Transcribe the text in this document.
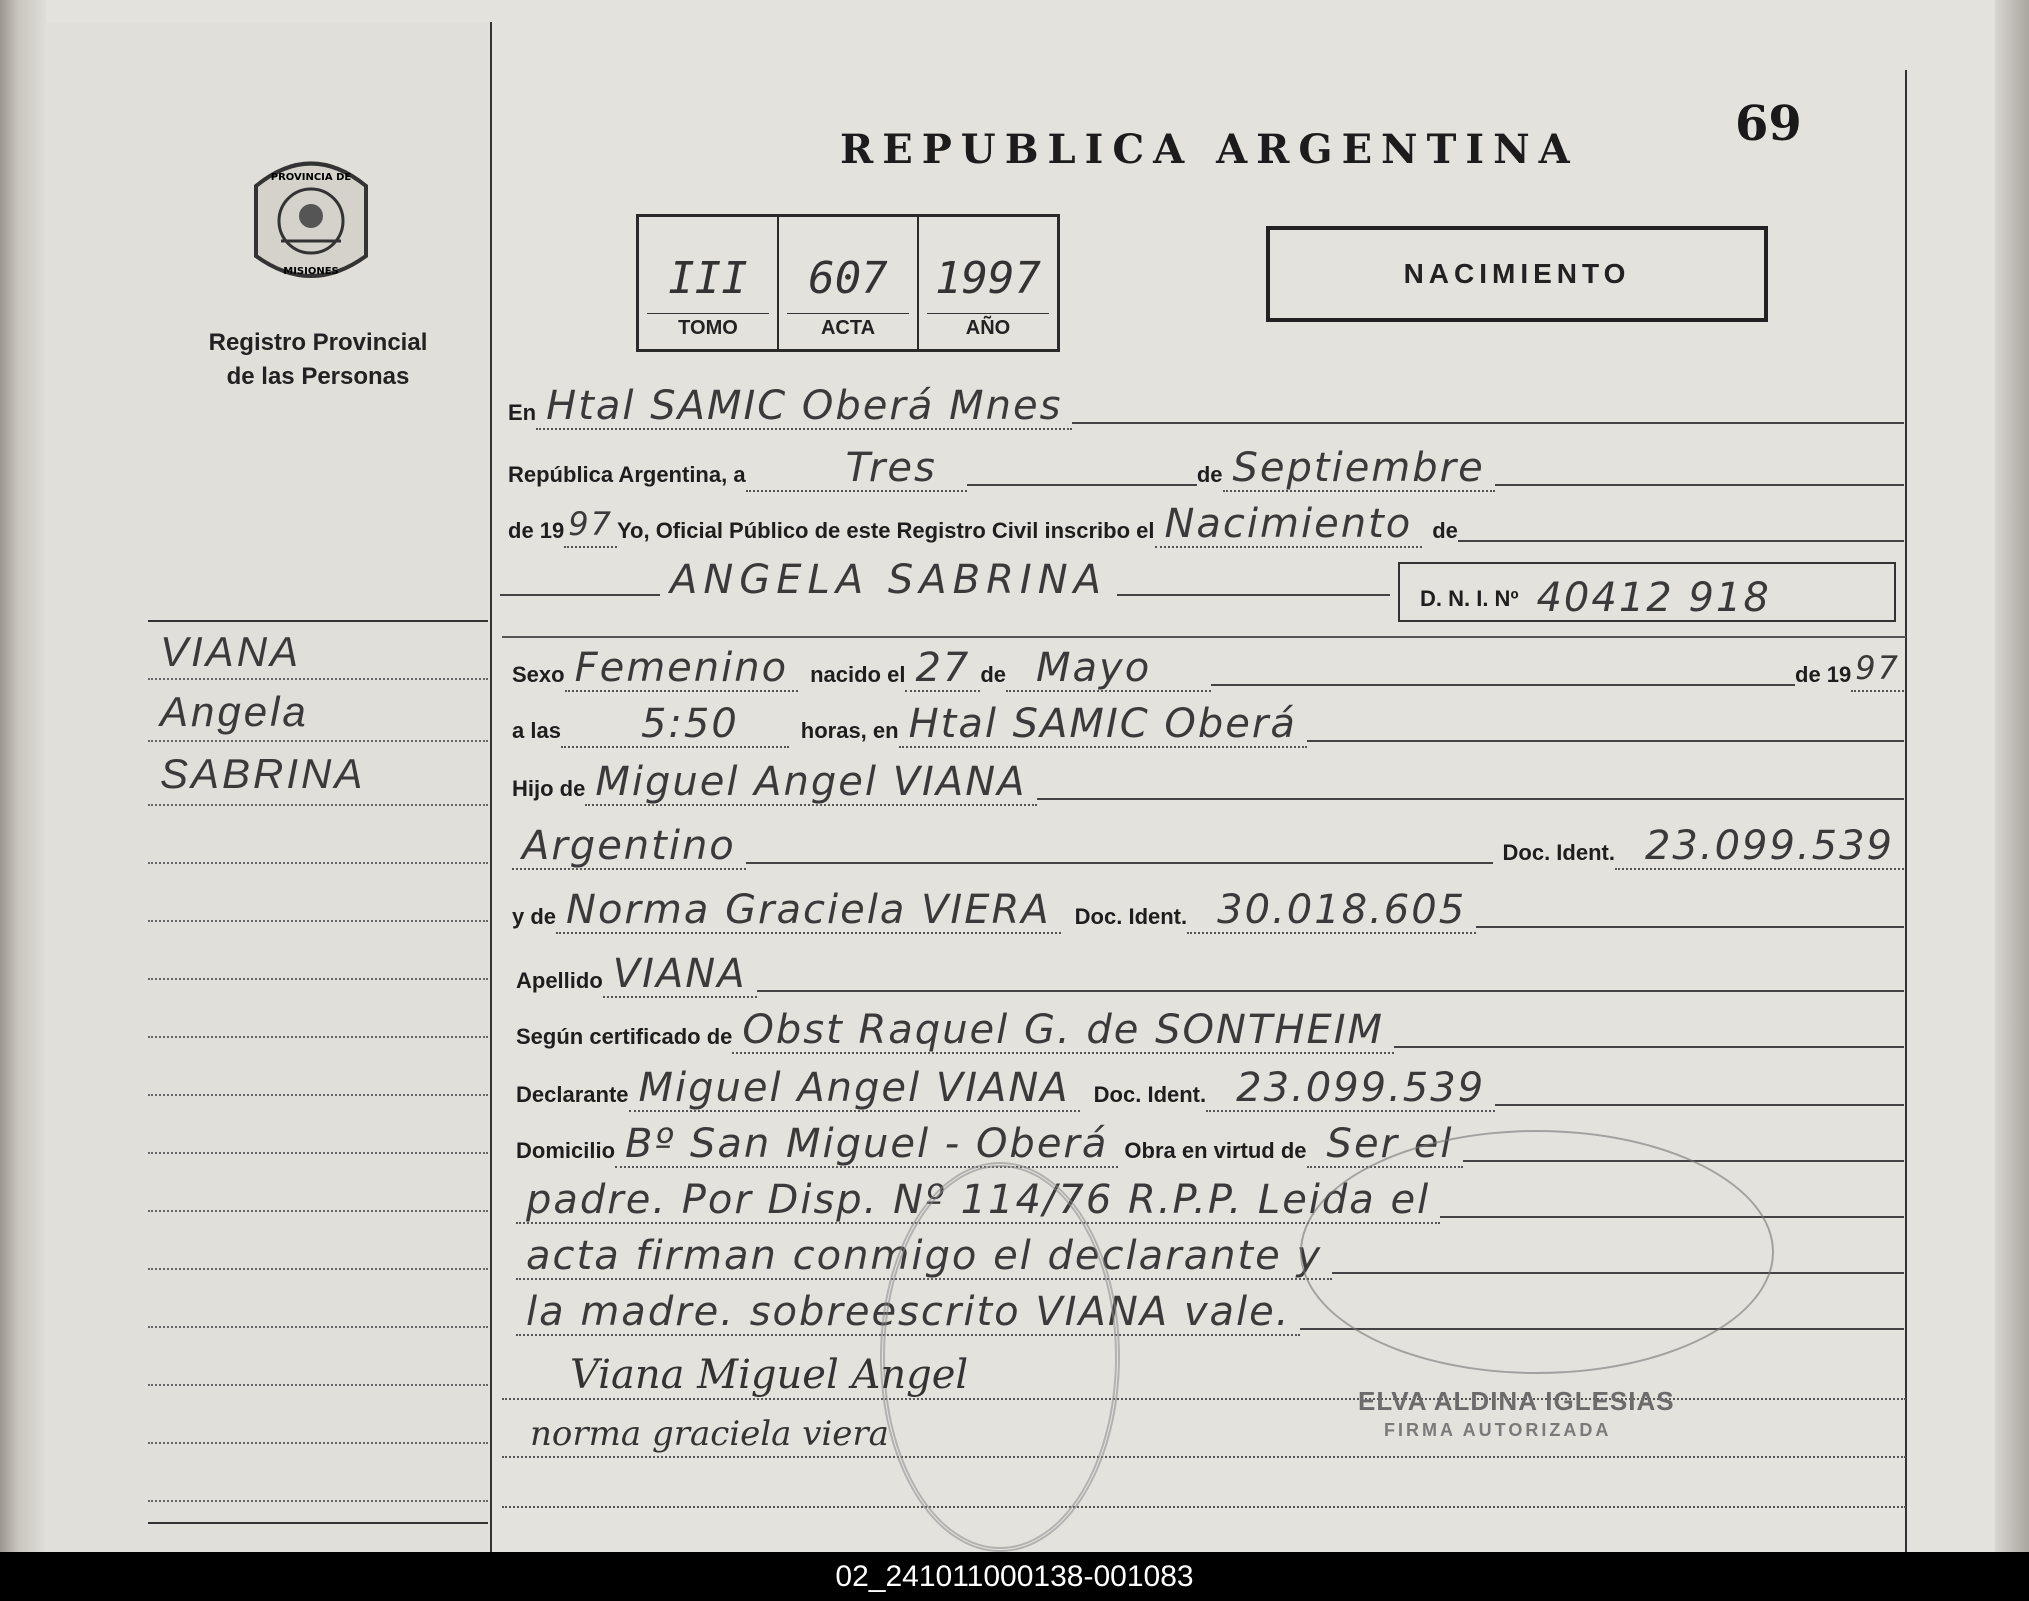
69
REPUBLICA ARGENTINA
PROVINCIA DE
MISIONES
Registro Provincial
de las Personas
III
TOMO
607
ACTA
1997
AÑO
NACIMIENTO
VIANA
Angela
SABRINA
En Htal SAMIC Oberá Mnes
República Argentina, a	Tres	de Septiembre
de 19 97 Yo, Oficial Público de este Registro Civil inscribo el Nacimiento de
ANGELA SABRINA	D. N. I. Nº 40412 918
Sexo Femenino	nacido el 27 de Mayo	de 19 97
a las	5:50	horas, en Htal SAMIC Oberá
Hijo de Miguel Angel VIANA
Argentino	Doc. Ident. 23.099.539
y de Norma Graciela VIERA	Doc. Ident. 30.018.605
Apellido VIANA
Según certificado de Obst Raquel G. de SONTHEIM
Declarante Miguel Angel VIANA	Doc. Ident. 23.099.539
Domicilio Bº San Miguel - Oberá Obra en virtud de Ser el
padre. Por Disp. Nº 114/76 R.P.P. Leida el
acta firman conmigo el declarante y
la madre. sobreescrito VIANA vale.
ELVA ALDINA IGLESIAS
FIRMA AUTORIZADA
Viana Miguel Angel
norma graciela viera
02_241011000138-001083
